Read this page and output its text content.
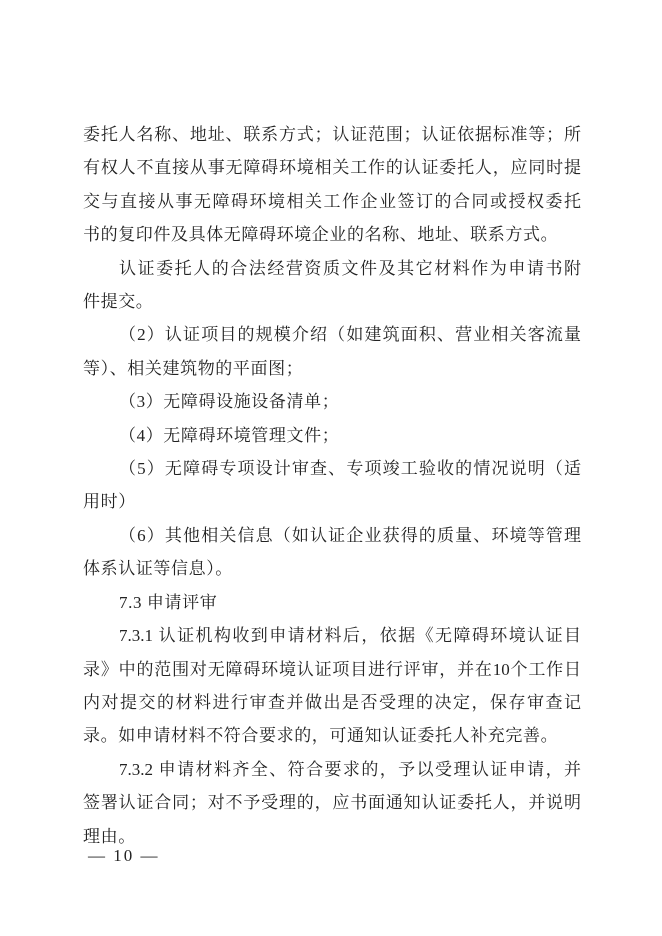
委托人名称、地址、联系方式；认证范围；认证依据标准等；所
有权人不直接从事无障碍环境相关工作的认证委托人，应同时提
交与直接从事无障碍环境相关工作企业签订的合同或授权委托
书的复印件及具体无障碍环境企业的名称、地址、联系方式。
认证委托人的合法经营资质文件及其它材料作为申请书附
件提交。
（2）认证项目的规模介绍（如建筑面积、营业相关客流量
等）、相关建筑物的平面图；
（3）无障碍设施设备清单；
（4）无障碍环境管理文件；
（5）无障碍专项设计审查、专项竣工验收的情况说明（适
用时）
（6）其他相关信息（如认证企业获得的质量、环境等管理
体系认证等信息）。
7.3 申请评审
7.3.1 认证机构收到申请材料后，依据《无障碍环境认证目
录》中的范围对无障碍环境认证项目进行评审，并在10个工作日
内对提交的材料进行审查并做出是否受理的决定，保存审查记
录。如申请材料不符合要求的，可通知认证委托人补充完善。
7.3.2 申请材料齐全、符合要求的，予以受理认证申请，并
签署认证合同；对不予受理的，应书面通知认证委托人，并说明
理由。
— 10 —
